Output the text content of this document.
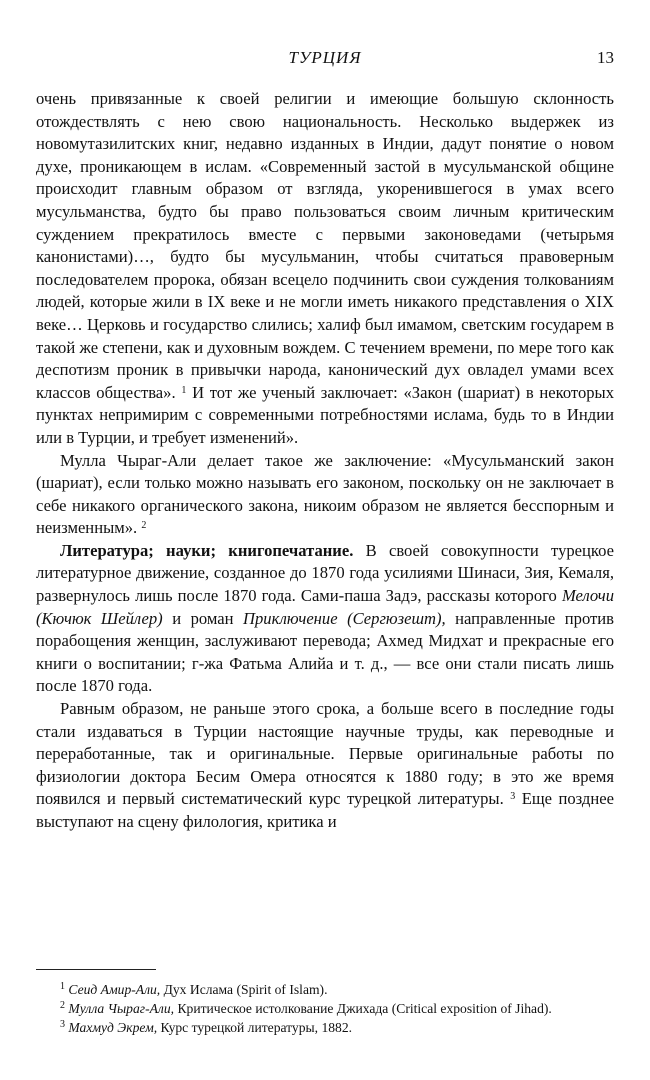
ТУРЦИЯ	13

очень привязанные к своей религии и имеющие большую склонность отождествлять с нею свою национальность. Несколько выдержек из новомутазилитских книг, недавно изданных в Индии, дадут понятие о новом духе, проникающем в ислам. «Современный застой в мусульманской общине происходит главным образом от взгляда, укоренившегося в умах всего мусульманства, будто бы право пользоваться своим личным критическим суждением прекратилось вместе с первыми законоведами (четырьмя канонистами)…, будто бы мусульманин, чтобы считаться правоверным последователем пророка, обязан всецело подчинить свои суждения толкованиям людей, которые жили в IX веке и не могли иметь никакого представления о XIX веке… Церковь и государство слились; халиф был имамом, светским государем в такой же степени, как и духовным вождем. С течением времени, по мере того как деспотизм проник в привычки народа, канонический дух овладел умами всех классов общества». $^1$ И тот же ученый заключает: «Закон (шариат) в некоторых пунктах непримирим с современными потребностями ислама, будь то в Индии или в Турции, и требует изменений».

Мулла Чыраг-Али делает такое же заключение: «Мусульманский закон (шариат), если только можно называть его законом, поскольку он не заключает в себе никакого органического закона, никоим образом не является бесспорным и неизменным». $^2$

Литература; науки; книгопечатание. В своей совокупности турецкое литературное движение, созданное до 1870 года усилиями Шинаси, Зия, Кемаля, развернулось лишь после 1870 года. Сами-паша Задэ, рассказы которого Мелочи (Кючюк Шейлер) и роман Приключение (Сергюзешт), направленные против порабощения женщин, заслуживают перевода; Ахмед Мидхат и прекрасные его книги о воспитании; г-жа Фатьма Алийа и т. д., — все они стали писать лишь после 1870 года.

Равным образом, не раньше этого срока, а больше всего в последние годы стали издаваться в Турции настоящие научные труды, как переводные и переработанные, так и оригинальные. Первые оригинальные работы по физиологии доктора Бесим Омера относятся к 1880 году; в это же время появился и первый систематический курс турецкой литературы. $^3$ Еще позднее выступают на сцену филология, критика и

$^1$ Сеид Амир-Али, Дух Ислама (Spirit of Islam).

$^2$ Мулла Чыраг-Али, Критическое истолкование Джихада (Critical exposition of Jihad).

$^3$ Махмуд Экрем, Курс турецкой литературы, 1882.
